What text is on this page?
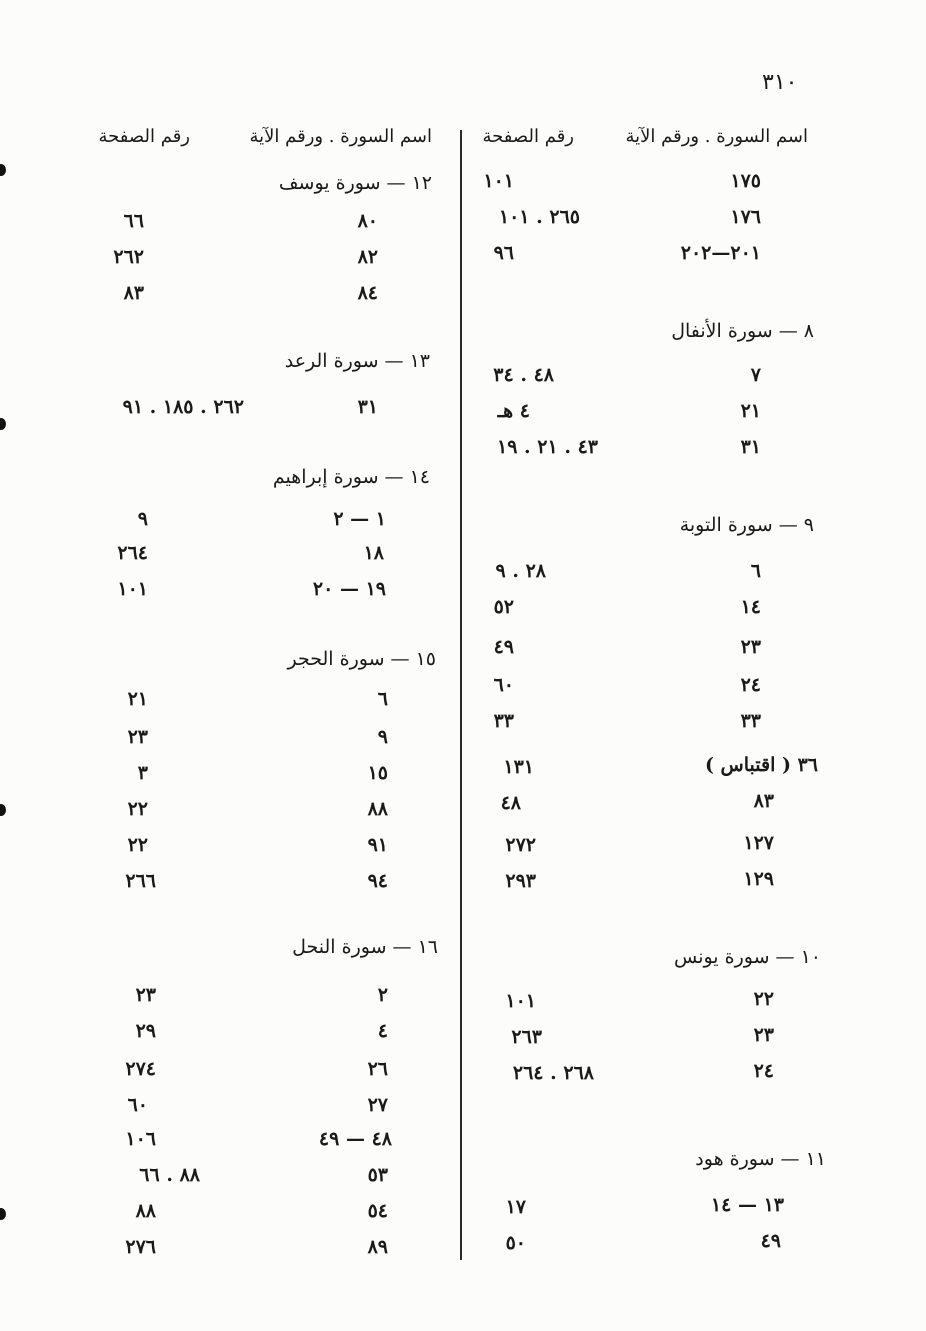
٣١٠
اسم السورة . ورقم الآية
رقم الصفحة
اسم السورة . ورقم الآية
رقم الصفحة
١٧٥
١٠١
١٧٦
٢٦٥ . ١٠١
٢٠١—٢٠٢
٩٦
٨ — سورة الأنفال
٧
٤٨ . ٣٤
٢١
٤ هـ
٣١
٤٣ . ٢١ . ١٩
٩ — سورة التوبة
٦
٢٨ . ٩
١٤
٥٢
٢٣
٤٩
٢٤
٦٠
٣٣
٣٣
٣٦ ( اقتباس )
١٣١
٨٣
٤٨
١٢٧
٢٧٢
١٢٩
٢٩٣
١٠ — سورة يونس
٢٢
١٠١
٢٣
٢٦٣
٢٤
٢٦٨ . ٢٦٤
١١ — سورة هود
١٣ — ١٤
١٧
٤٩
٥٠
١٢ — سورة يوسف
٨٠
٦٦
٨٢
٢٦٢
٨٤
٨٣
١٣ — سورة الرعد
٣١
٢٦٢ . ١٨٥ . ٩١
١٤ — سورة إبراهيم
١ — ٢
٩
١٨
٢٦٤
١٩ — ٢٠
١٠١
١٥ — سورة الحجر
٦
٢١
٩
٢٣
١٥
٣
٨٨
٢٢
٩١
٢٢
٩٤
٢٦٦
١٦ — سورة النحل
٢
٢٣
٤
٢٩
٢٦
٢٧٤
٢٧
٦٠
٤٨ — ٤٩
١٠٦
٥٣
٨٨ . ٦٦
٥٤
٨٨
٨٩
٢٧٦
